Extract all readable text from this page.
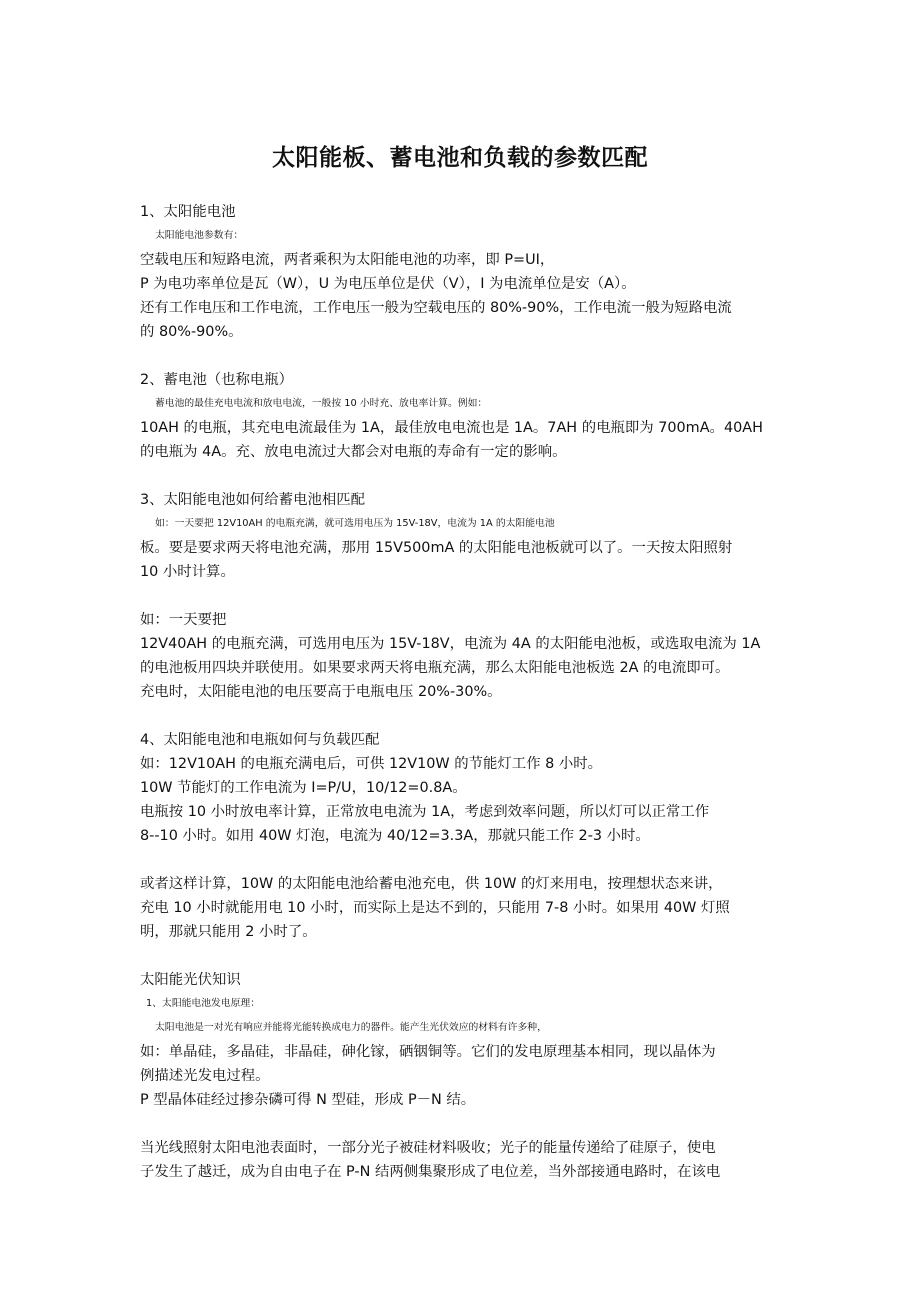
太阳能板、蓄电池和负载的参数匹配
1、太阳能电池
太阳能电池参数有：
空载电压和短路电流，两者乘积为太阳能电池的功率，即 P=UI，
P 为电功率单位是瓦（W），U 为电压单位是伏（V），I 为电流单位是安（A）。
还有工作电压和工作电流，工作电压一般为空载电压的 80%-90%，工作电流一般为短路电流
的 80%-90%。
2、蓄电池（也称电瓶）
蓄电池的最佳充电电流和放电电流，一般按 10 小时充、放电率计算。例如：
10AH 的电瓶，其充电电流最佳为 1A，最佳放电电流也是 1A。7AH 的电瓶即为 700mA。40AH
的电瓶为 4A。充、放电电流过大都会对电瓶的寿命有一定的影响。
3、太阳能电池如何给蓄电池相匹配
如：一天要把 12V10AH 的电瓶充满，就可选用电压为 15V-18V，电流为 1A 的太阳能电池
板。要是要求两天将电池充满，那用 15V500mA 的太阳能电池板就可以了。一天按太阳照射
10 小时计算。
如：一天要把
12V40AH 的电瓶充满，可选用电压为 15V-18V，电流为 4A 的太阳能电池板，或选取电流为 1A
的电池板用四块并联使用。如果要求两天将电瓶充满，那么太阳能电池板选 2A 的电流即可。
充电时，太阳能电池的电压要高于电瓶电压 20%-30%。
4、太阳能电池和电瓶如何与负载匹配
如：12V10AH 的电瓶充满电后，可供 12V10W 的节能灯工作 8 小时。
10W 节能灯的工作电流为 I=P/U，10/12=0.8A。
电瓶按 10 小时放电率计算，正常放电电流为 1A，考虑到效率问题，所以灯可以正常工作
8--10 小时。如用 40W 灯泡，电流为 40/12=3.3A，那就只能工作 2-3 小时。
或者这样计算，10W 的太阳能电池给蓄电池充电，供 10W 的灯来用电，按理想状态来讲，
充电 10 小时就能用电 10 小时，而实际上是达不到的，只能用 7-8 小时。如果用 40W 灯照
明，那就只能用 2 小时了。
太阳能光伏知识
1、太阳能电池发电原理：
太阳电池是一对光有响应并能将光能转换成电力的器件。能产生光伏效应的材料有许多种，
如：单晶硅，多晶硅，非晶硅，砷化镓，硒铟铜等。它们的发电原理基本相同，现以晶体为
例描述光发电过程。
P 型晶体硅经过掺杂磷可得 N 型硅，形成 P－N 结。
当光线照射太阳电池表面时，一部分光子被硅材料吸收；光子的能量传递给了硅原子，使电
子发生了越迁，成为自由电子在 P-N 结两侧集聚形成了电位差，当外部接通电路时，在该电
